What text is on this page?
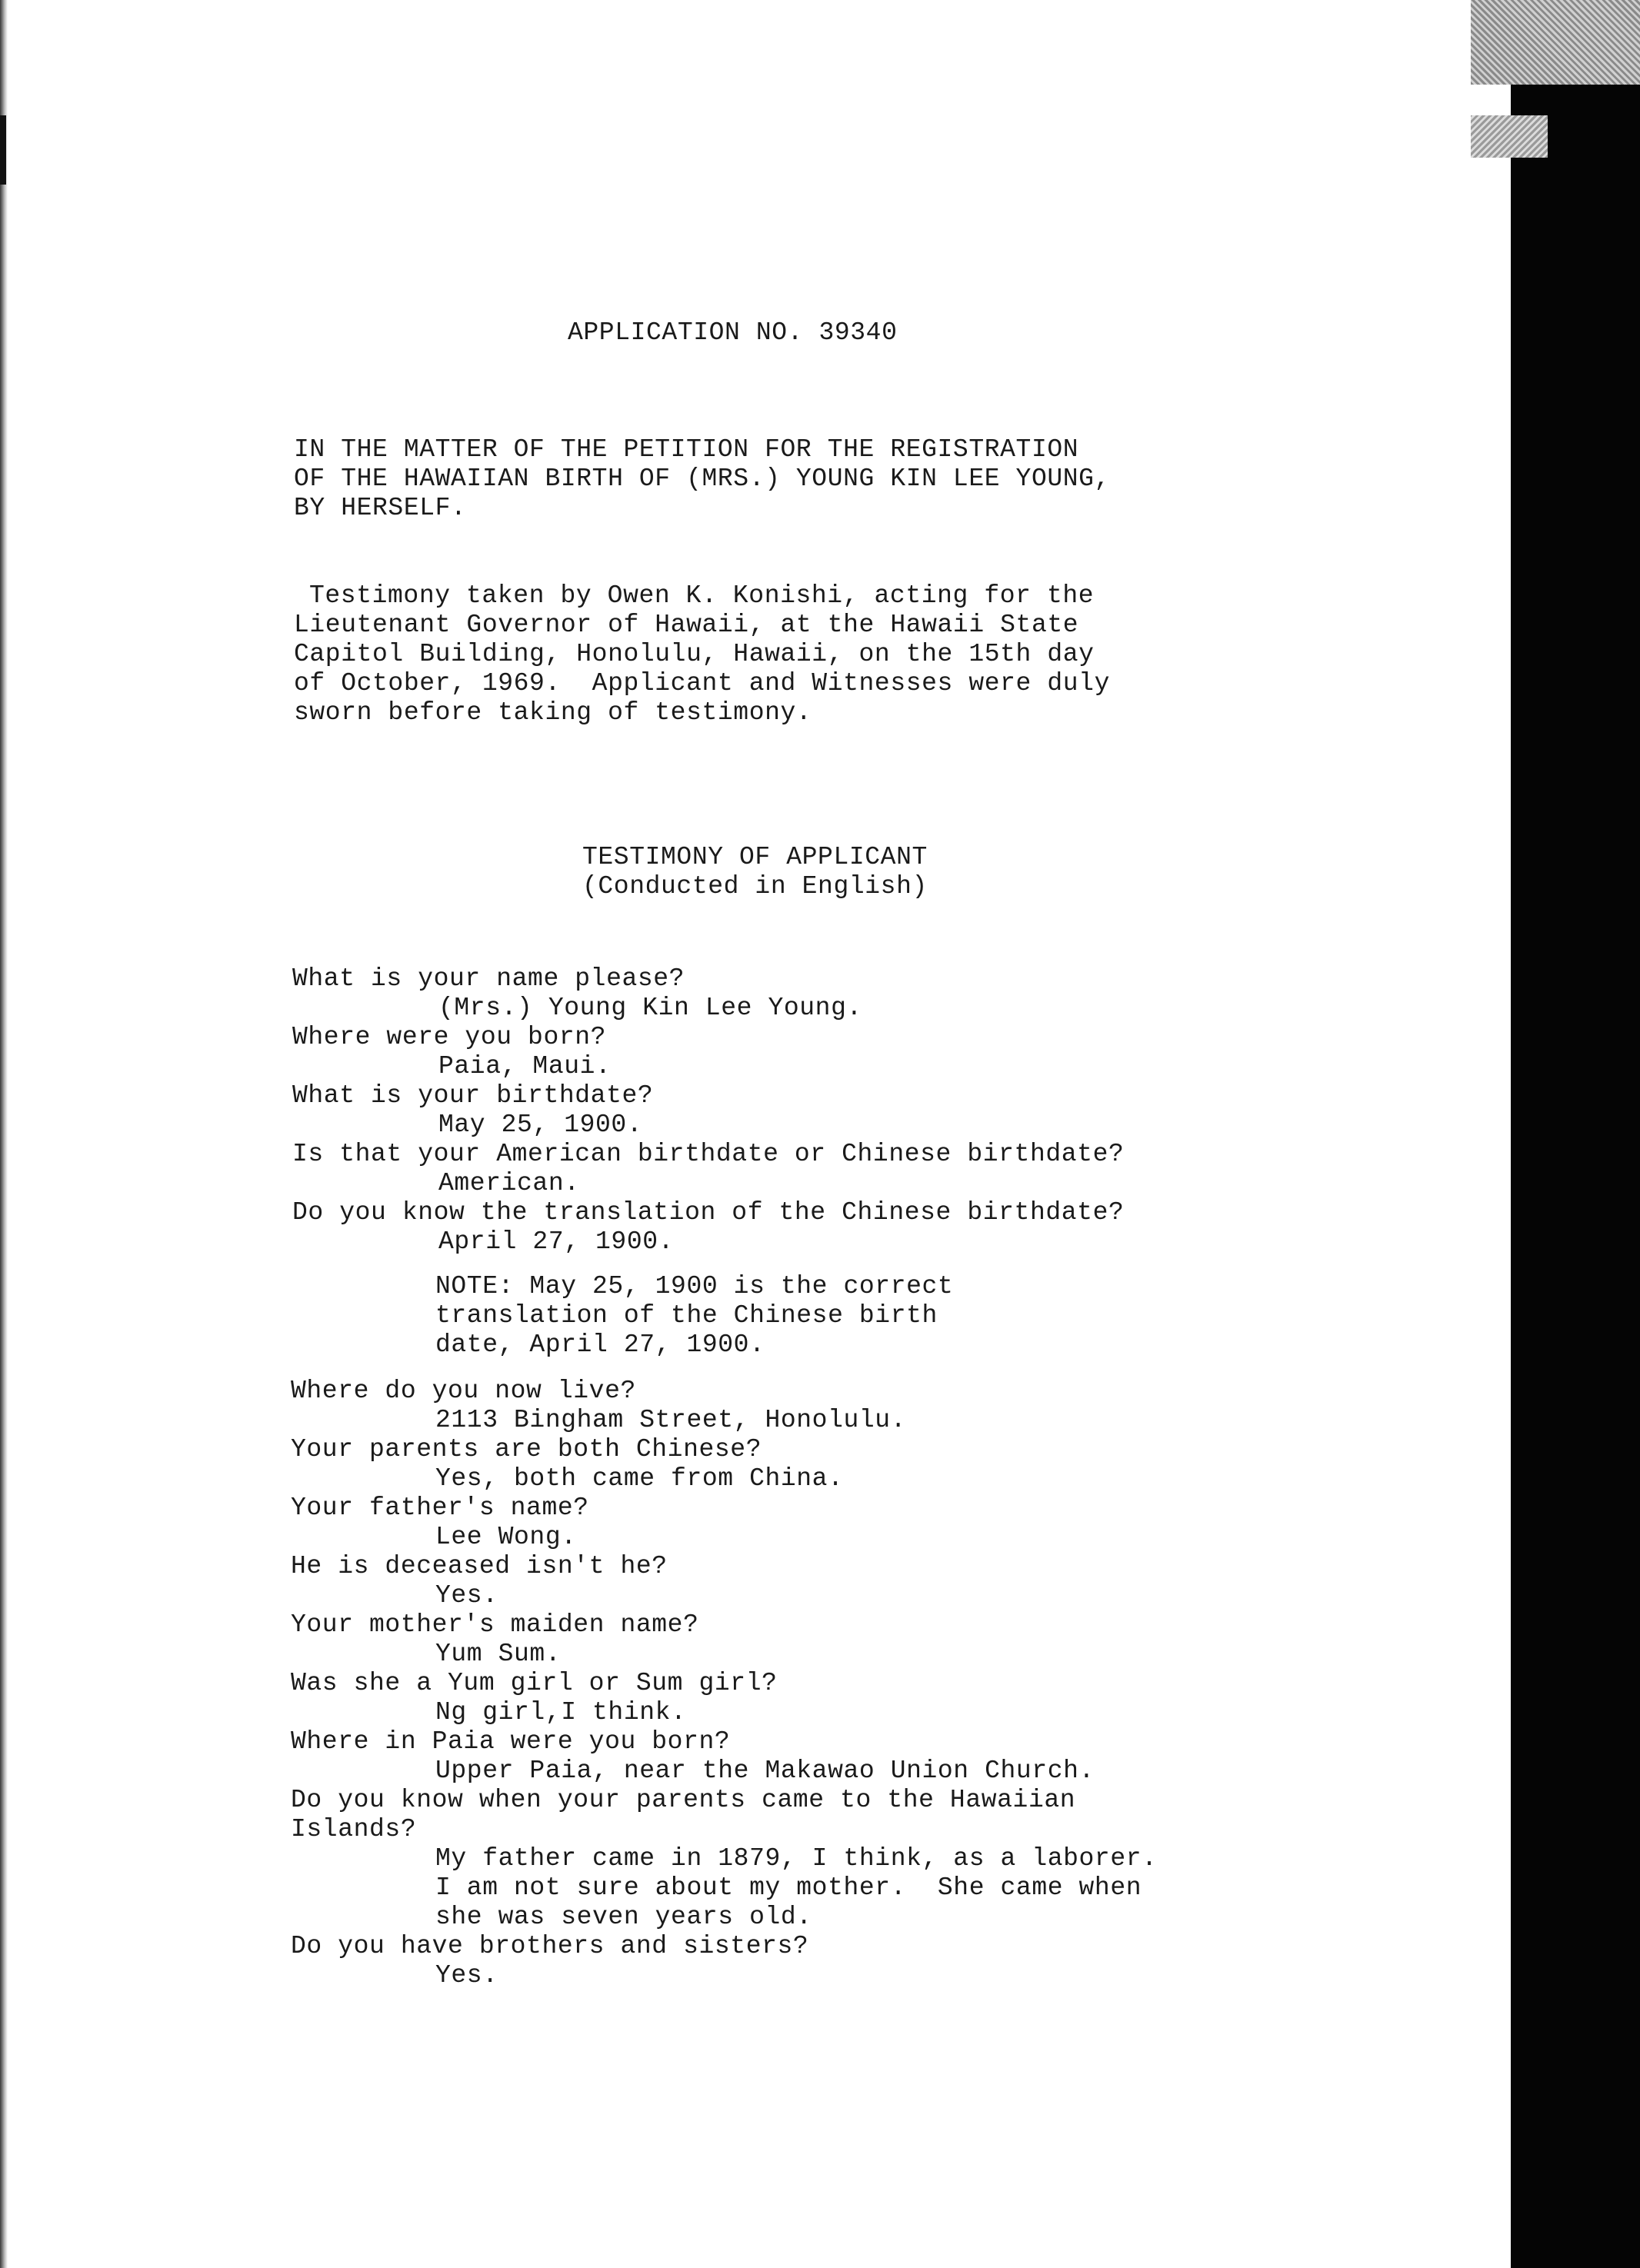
APPLICATION NO. 39340
IN THE MATTER OF THE PETITION FOR THE REGISTRATION
OF THE HAWAIIAN BIRTH OF (MRS.) YOUNG KIN LEE YOUNG,
BY HERSELF.
Testimony taken by Owen K. Konishi, acting for the
Lieutenant Governor of Hawaii, at the Hawaii State
Capitol Building, Honolulu, Hawaii, on the 15th day
of October, 1969.  Applicant and Witnesses were duly
sworn before taking of testimony.
TESTIMONY OF APPLICANT
(Conducted in English)
What is your name please?
(Mrs.) Young Kin Lee Young.
Where were you born?
Paia, Maui.
What is your birthdate?
May 25, 1900.
Is that your American birthdate or Chinese birthdate?
American.
Do you know the translation of the Chinese birthdate?
April 27, 1900.
NOTE: May 25, 1900 is the correct
translation of the Chinese birth
date, April 27, 1900.
Where do you now live?
2113 Bingham Street, Honolulu.
Your parents are both Chinese?
Yes, both came from China.
Your father's name?
Lee Wong.
He is deceased isn't he?
Yes.
Your mother's maiden name?
Yum Sum.
Was she a Yum girl or Sum girl?
Ng girl,I think.
Where in Paia were you born?
Upper Paia, near the Makawao Union Church.
Do you know when your parents came to the Hawaiian
Islands?
My father came in 1879, I think, as a laborer.
I am not sure about my mother.  She came when
she was seven years old.
Do you have brothers and sisters?
Yes.
